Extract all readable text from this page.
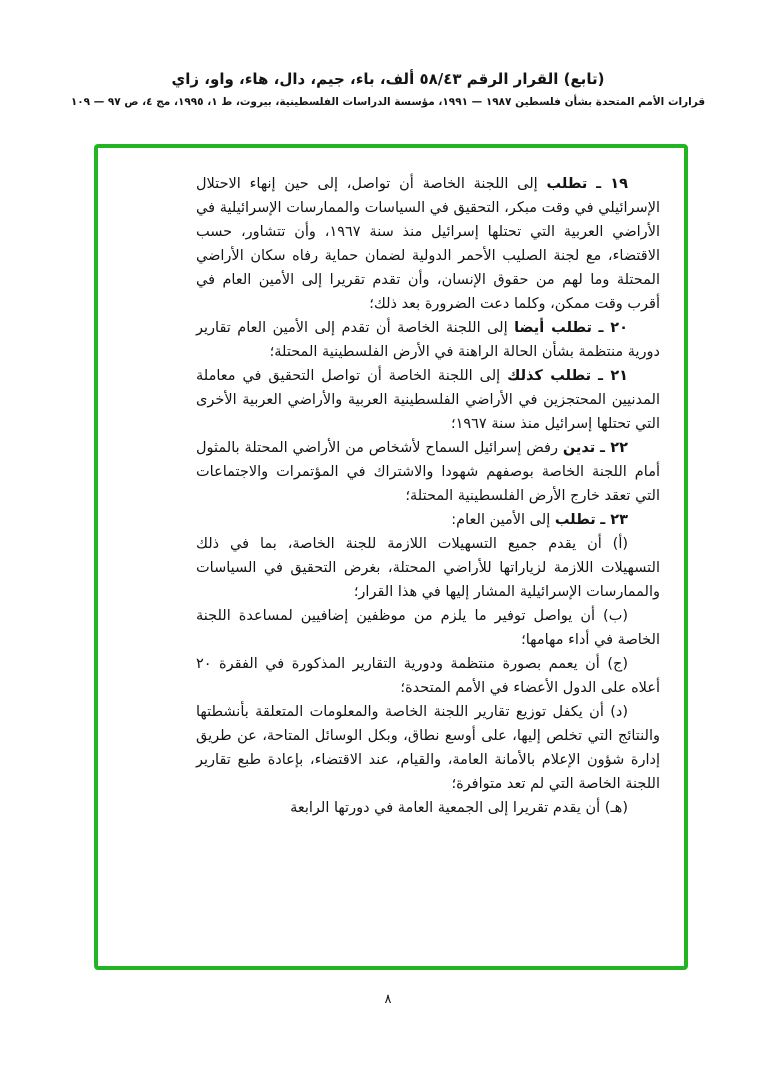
(تابع) القرار الرقم ٥٨/٤٣ ألف، باء، جيم، دال، هاء، واو، زاي
قرارات الأمم المتحدة بشأن فلسطين ١٩٨٧ — ١٩٩١، مؤسسة الدراسات الفلسطينية، بيروت، ط ١، ١٩٩٥، مج ٤، ص ٩٧ — ١٠٩

١٩ ـ تطلب إلى اللجنة الخاصة أن تواصل، إلى حين إنهاء الاحتلال الإسرائيلي في وقت مبكر، التحقيق في السياسات والممارسات الإسرائيلية في الأراضي العربية التي تحتلها إسرائيل منذ سنة ١٩٦٧، وأن تتشاور، حسب الاقتضاء، مع لجنة الصليب الأحمر الدولية لضمان حماية رفاه سكان الأراضي المحتلة وما لهم من حقوق الإنسان، وأن تقدم تقريرا إلى الأمين العام في أقرب وقت ممكن، وكلما دعت الضرورة بعد ذلك؛

٢٠ ـ تطلب أيضا إلى اللجنة الخاصة أن تقدم إلى الأمين العام تقارير دورية منتظمة بشأن الحالة الراهنة في الأرض الفلسطينية المحتلة؛

٢١ ـ تطلب كذلك إلى اللجنة الخاصة أن تواصل التحقيق في معاملة المدنيين المحتجزين في الأراضي الفلسطينية العربية والأراضي العربية الأخرى التي تحتلها إسرائيل منذ سنة ١٩٦٧؛

٢٢ ـ تدين رفض إسرائيل السماح لأشخاص من الأراضي المحتلة بالمثول أمام اللجنة الخاصة بوصفهم شهودا والاشتراك في المؤتمرات والاجتماعات التي تعقد خارج الأرض الفلسطينية المحتلة؛

٢٣ ـ تطلب إلى الأمين العام:

(أ) أن يقدم جميع التسهيلات اللازمة للجنة الخاصة، بما في ذلك التسهيلات اللازمة لزياراتها للأراضي المحتلة، بغرض التحقيق في السياسات والممارسات الإسرائيلية المشار إليها في هذا القرار؛

(ب) أن يواصل توفير ما يلزم من موظفين إضافيين لمساعدة اللجنة الخاصة في أداء مهامها؛

(ج) أن يعمم بصورة منتظمة ودورية التقارير المذكورة في الفقرة ٢٠ أعلاه على الدول الأعضاء في الأمم المتحدة؛

(د) أن يكفل توزيع تقارير اللجنة الخاصة والمعلومات المتعلقة بأنشطتها والنتائج التي تخلص إليها، على أوسع نطاق، وبكل الوسائل المتاحة، عن طريق إدارة شؤون الإعلام بالأمانة العامة، والقيام، عند الاقتضاء، بإعادة طبع تقارير اللجنة الخاصة التي لم تعد متوافرة؛

(هـ) أن يقدم تقريرا إلى الجمعية العامة في دورتها الرابعة

٨
